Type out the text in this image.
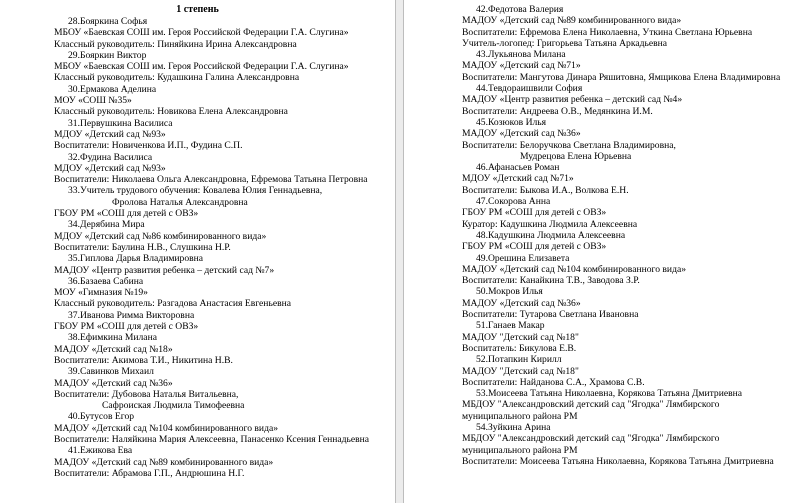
1 степень
28.Бояркина Софья
МБОУ «Баевская СОШ им. Героя Российской Федерации Г.А. Слугина»
Классный руководитель: Пиняйкина Ирина Александровна
29.Бояркин Виктор
МБОУ «Баевская СОШ им. Героя Российской Федерации Г.А. Слугина»
Классный руководитель: Кудашкина Галина Александровна
30.Ермакова Аделина
МОУ «СОШ №35»
Классный руководитель: Новикова Елена Александровна
31.Первушкина Василиса
МДОУ «Детский сад №93»
Воспитатели: Новиченкова И.П., Фудина С.П.
32.Фудина Василиса
МДОУ «Детский сад №93»
Воспитатели: Николаева Ольга Александровна, Ефремова Татьяна Петровна
33.Учитель трудового обучения: Ковалева Юлия Геннадьевна,
Фролова Наталья Александровна
ГБОУ РМ «СОШ для детей с ОВЗ»
34.Дерябина Мира
МДОУ «Детский сад №86 комбинированного вида»
Воспитатели: Баулина Н.В., Слушкина Н.Р.
35.Гиплова Дарья Владимировна
МАДОУ «Центр развития ребенка – детский сад №7»
36.Базаева Сабина
МОУ «Гимназия №19»
Классный руководитель: Разгадова Анастасия Евгеньевна
37.Иванова Римма Викторовна
ГБОУ РМ «СОШ для детей с ОВЗ»
38.Ефимкина Милана
МАДОУ «Детский сад №18»
Воспитатели: Акимова Т.И., Никитина Н.В.
39.Савинков Михаил
МАДОУ «Детский сад №36»
Воспитатели: Дубовова Наталья Витальевна,
Сафроиская Людмила Тимофеевна
40.Бутусов Егор
МАДОУ «Детский сад №104 комбинированного вида»
Воспитатели: Наляйкина Мария Алексеевна, Панасенко Ксения Геннадьевна
41.Ежикова Ева
МАДОУ «Детский сад №89 комбинированного вида»
Воспитатели: Абрамова Г.П., Андрюшина Н.Г.
42.Федотова Валерия
МАДОУ «Детский сад №89 комбинированного вида»
Воспитатели: Ефремова Елена Николаевна, Уткина Светлана Юрьевна
Учитель-логопед: Григорьева Татьяна Аркадьевна
43.Лукьянова Милана
МАДОУ «Детский сад №71»
Воспитатели: Мангутова Динара Ряшитовна, Ямщикова Елена Владимировна
44.Тевдораишвили София
МАДОУ «Центр развития ребенка – детский сад №4»
Воспитатели: Андреева О.В., Медянкина И.М.
45.Козюков Илья
МАДОУ «Детский сад №36»
Воспитатели: Белоручкова Светлана Владимировна,
Мудрецова Елена Юрьевна
46.Афанасьев Роман
МДОУ «Детский сад №71»
Воспитатели: Быкова И.А., Волкова Е.Н.
47.Сокорова Анна
ГБОУ РМ «СОШ для детей с ОВЗ»
Куратор: Кадушкина Людмила Алексеевна
48.Кадушкина Людмила Алексеевна
ГБОУ РМ «СОШ для детей с ОВЗ»
49.Орешина Елизавета
МАДОУ «Детский сад №104 комбинированного вида»
Воспитатели: Канайкина Т.В., Заводова З.Р.
50.Мокров Илья
МАДОУ «Детский сад №36»
Воспитатели: Тутарова Светлана Ивановна
51.Ганаев Макар
МАДОУ "Детский сад №18"
Воспитатель: Бикулова Е.В.
52.Потапкин Кирилл
МАДОУ "Детский сад №18"
Воспитатели: Найданова С.А., Храмова С.В.
53.Моисеева Татьяна Николаевна, Корякова Татьяна Дмитриевна
МБДОУ "Александровский детский сад "Ягодка" Лямбирского
муниципального района РМ
54.Зуйкина Арина
МБДОУ "Александровский детский сад "Ягодка" Лямбирского
муниципального района РМ
Воспитатели: Моисеева Татьяна Николаевна, Корякова Татьяна Дмитриевна
